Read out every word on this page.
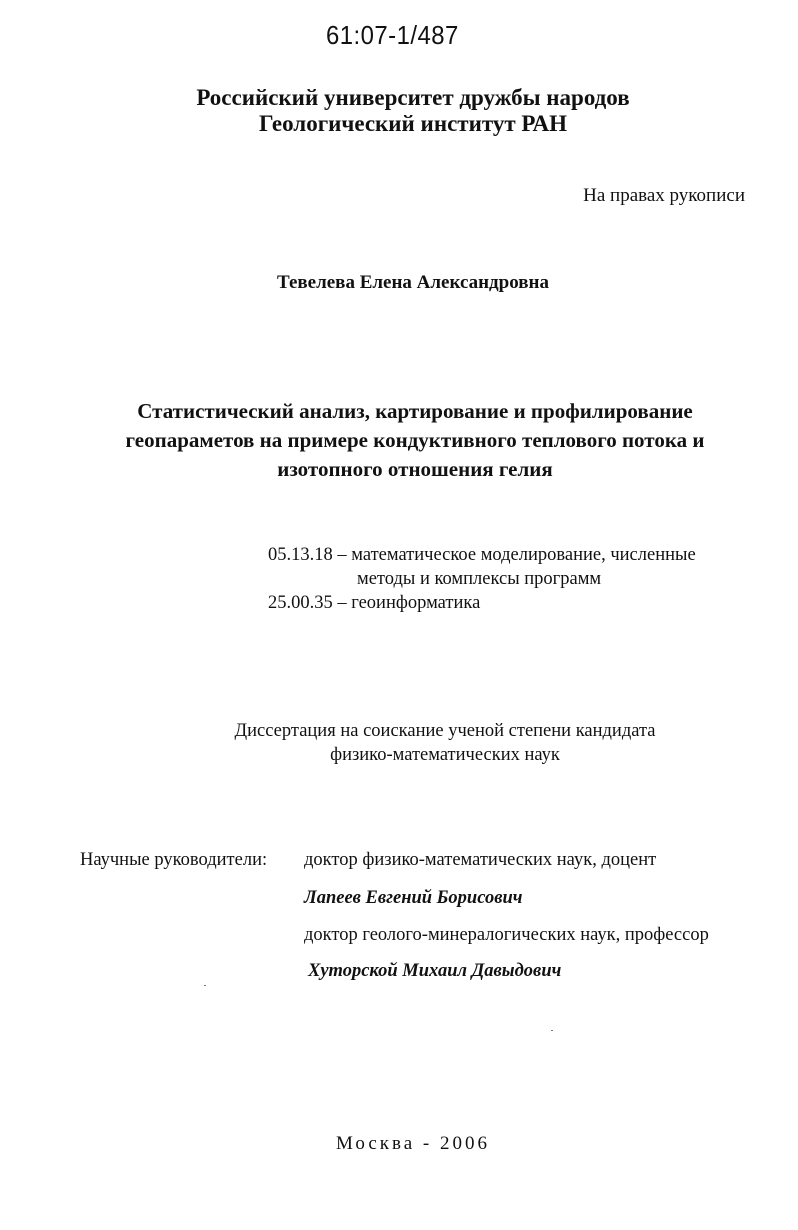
61:07-1/487
Российский университет дружбы народов
Геологический институт РАН
На правах рукописи
Тевелева Елена Александровна
Статистический анализ, картирование и профилирование
геопараметов на примере кондуктивного теплового потока и
изотопного отношения гелия
05.13.18 – математическое моделирование, численные
методы и комплексы программ
25.00.35 – геоинформатика
Диссертация на соискание ученой степени кандидата
физико-математических наук
Научные руководители: доктор физико-математических наук, доцент
Лапеев Евгений Борисович
доктор геолого-минералогических наук, профессор
Хуторской Михаил Давыдович
Москва - 2006
